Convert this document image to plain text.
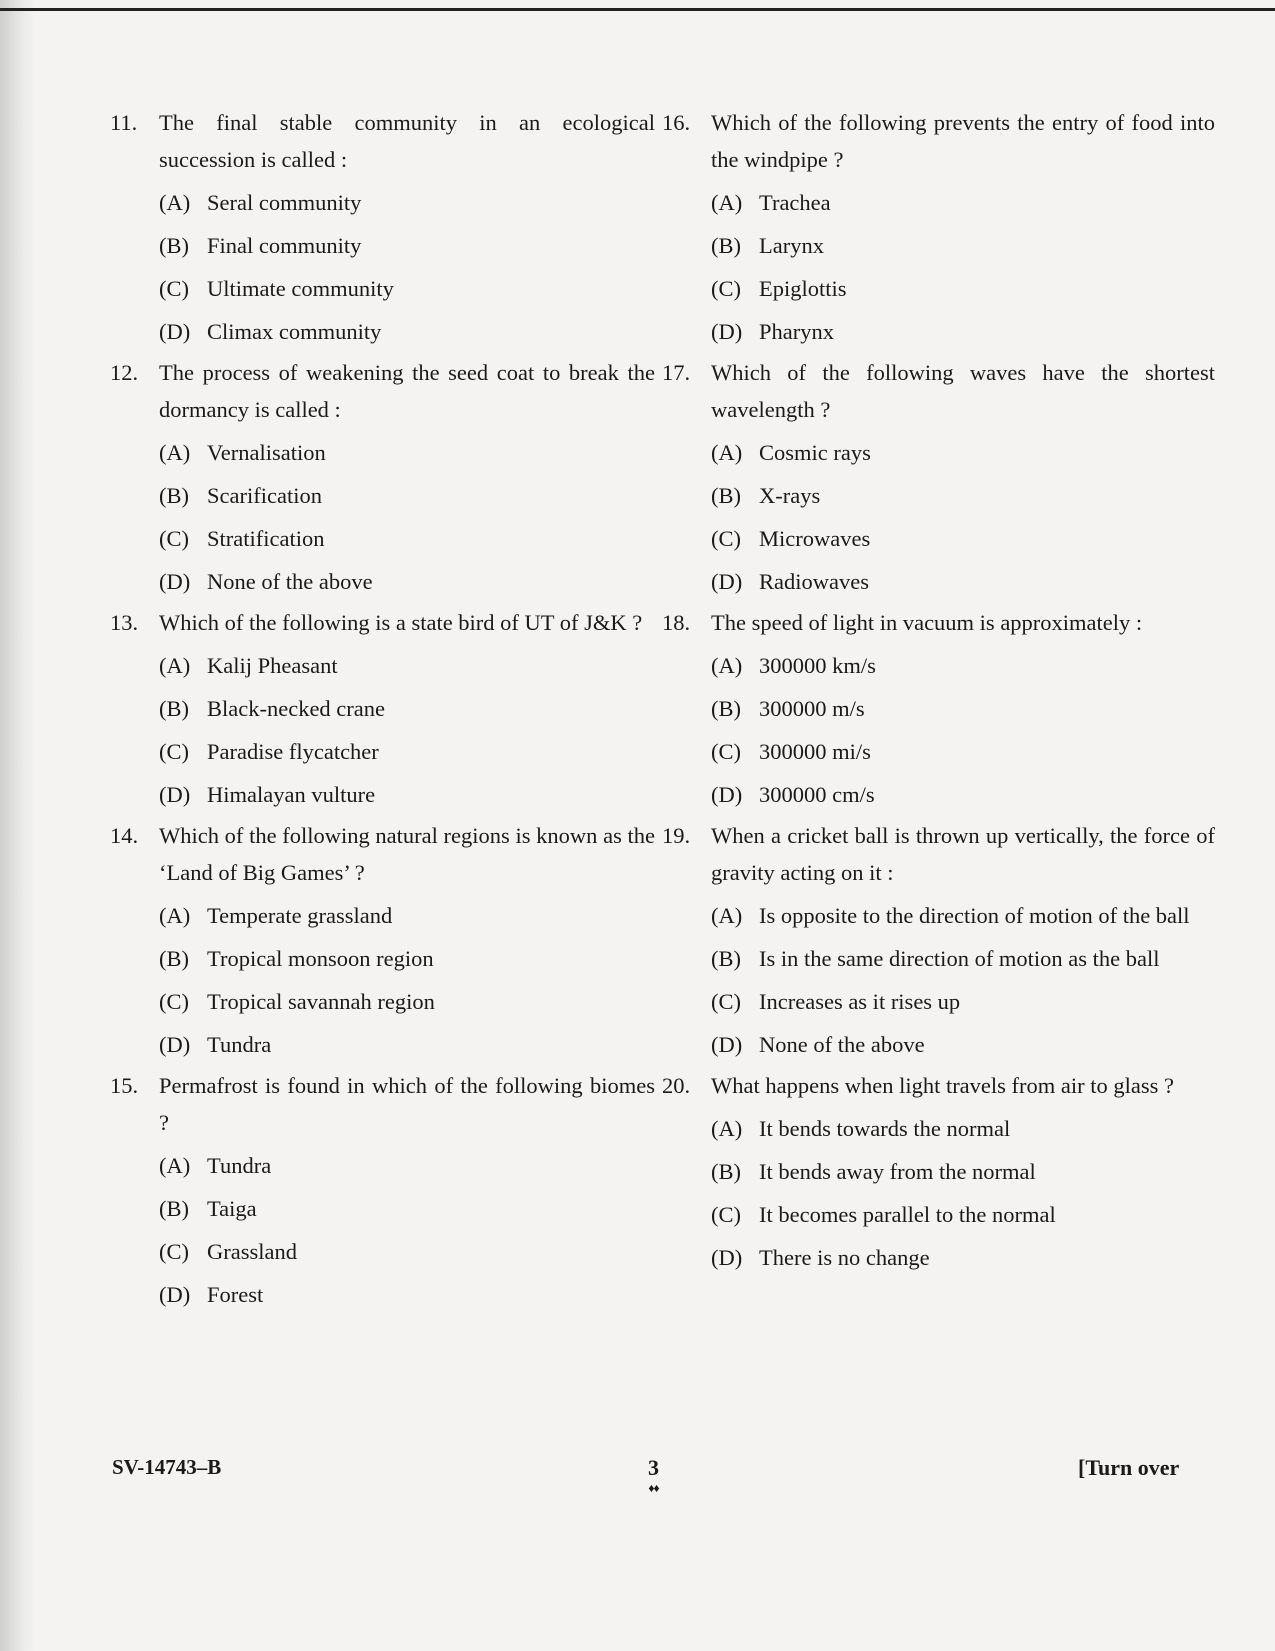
11. The final stable community in an ecological succession is called :
(A) Seral community
(B) Final community
(C) Ultimate community
(D) Climax community
12. The process of weakening the seed coat to break the dormancy is called :
(A) Vernalisation
(B) Scarification
(C) Stratification
(D) None of the above
13. Which of the following is a state bird of UT of J&K ?
(A) Kalij Pheasant
(B) Black-necked crane
(C) Paradise flycatcher
(D) Himalayan vulture
14. Which of the following natural regions is known as the ‘Land of Big Games’ ?
(A) Temperate grassland
(B) Tropical monsoon region
(C) Tropical savannah region
(D) Tundra
15. Permafrost is found in which of the following biomes ?
(A) Tundra
(B) Taiga
(C) Grassland
(D) Forest
16. Which of the following prevents the entry of food into the windpipe ?
(A) Trachea
(B) Larynx
(C) Epiglottis
(D) Pharynx
17. Which of the following waves have the shortest wavelength ?
(A) Cosmic rays
(B) X-rays
(C) Microwaves
(D) Radiowaves
18. The speed of light in vacuum is approximately :
(A) 300000 km/s
(B) 300000 m/s
(C) 300000 mi/s
(D) 300000 cm/s
19. When a cricket ball is thrown up vertically, the force of gravity acting on it :
(A) Is opposite to the direction of motion of the ball
(B) Is in the same direction of motion as the ball
(C) Increases as it rises up
(D) None of the above
20. What happens when light travels from air to glass ?
(A) It bends towards the normal
(B) It bends away from the normal
(C) It becomes parallel to the normal
(D) There is no change
SV-14743–B	3
♦♦
[Turn over
